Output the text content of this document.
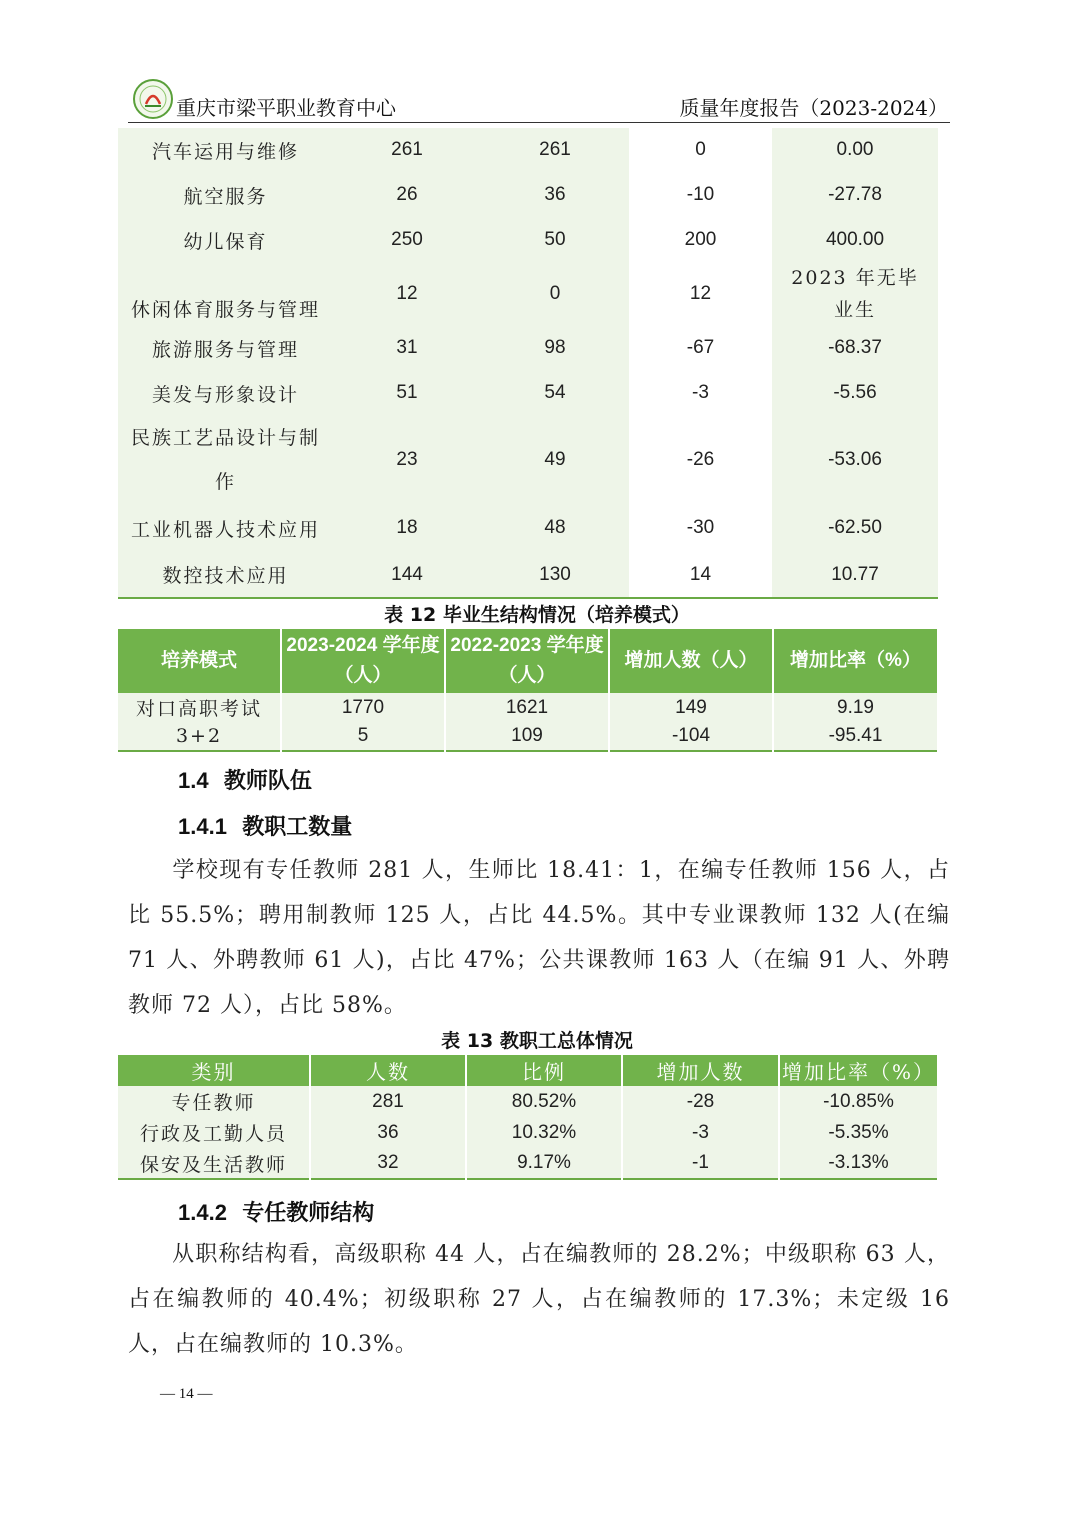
重庆市梁平职业教育中心	质量年度报告（2023-2024）
汽车运用与维修	261	261	0	0.00
航空服务	26	36	-10	-27.78
幼儿保育	250	50	200	400.00
休闲体育服务与管理	12	0	12	2023 年无毕业生
旅游服务与管理	31	98	-67	-68.37
美发与形象设计	51	54	-3	-5.56
民族工艺品设计与制作	23	49	-26	-53.06
工业机器人技术应用	18	48	-30	-62.50
数控技术应用	144	130	14	10.77
表 12 毕业生结构情况（培养模式）
培养模式	2023-2024 学年度（人）	2022-2023 学年度（人）	增加人数（人）	增加比率（%）
对口高职考试	1770	1621	149	9.19
3+2	5	109	-104	-95.41
1.4 教师队伍
1.4.1 教职工数量
学校现有专任教师 281 人，生师比 18.41：1，在编专任教师 156 人，占比 55.5%；聘用制教师 125 人，占比 44.5%。其中专业课教师 132 人(在编 71 人、外聘教师 61 人)，占比 47%；公共课教师 163 人（在编 91 人、外聘教师 72 人），占比 58%。
表 13 教职工总体情况
类别	人数	比例	增加人数	增加比率（%）
专任教师	281	80.52%	-28	-10.85%
行政及工勤人员	36	10.32%	-3	-5.35%
保安及生活教师	32	9.17%	-1	-3.13%
1.4.2 专任教师结构
从职称结构看，高级职称 44 人，占在编教师的 28.2%；中级职称 63 人，占在编教师的 40.4%；初级职称 27 人，占在编教师的 17.3%；未定级 16 人，占在编教师的 10.3%。
— 14 —
